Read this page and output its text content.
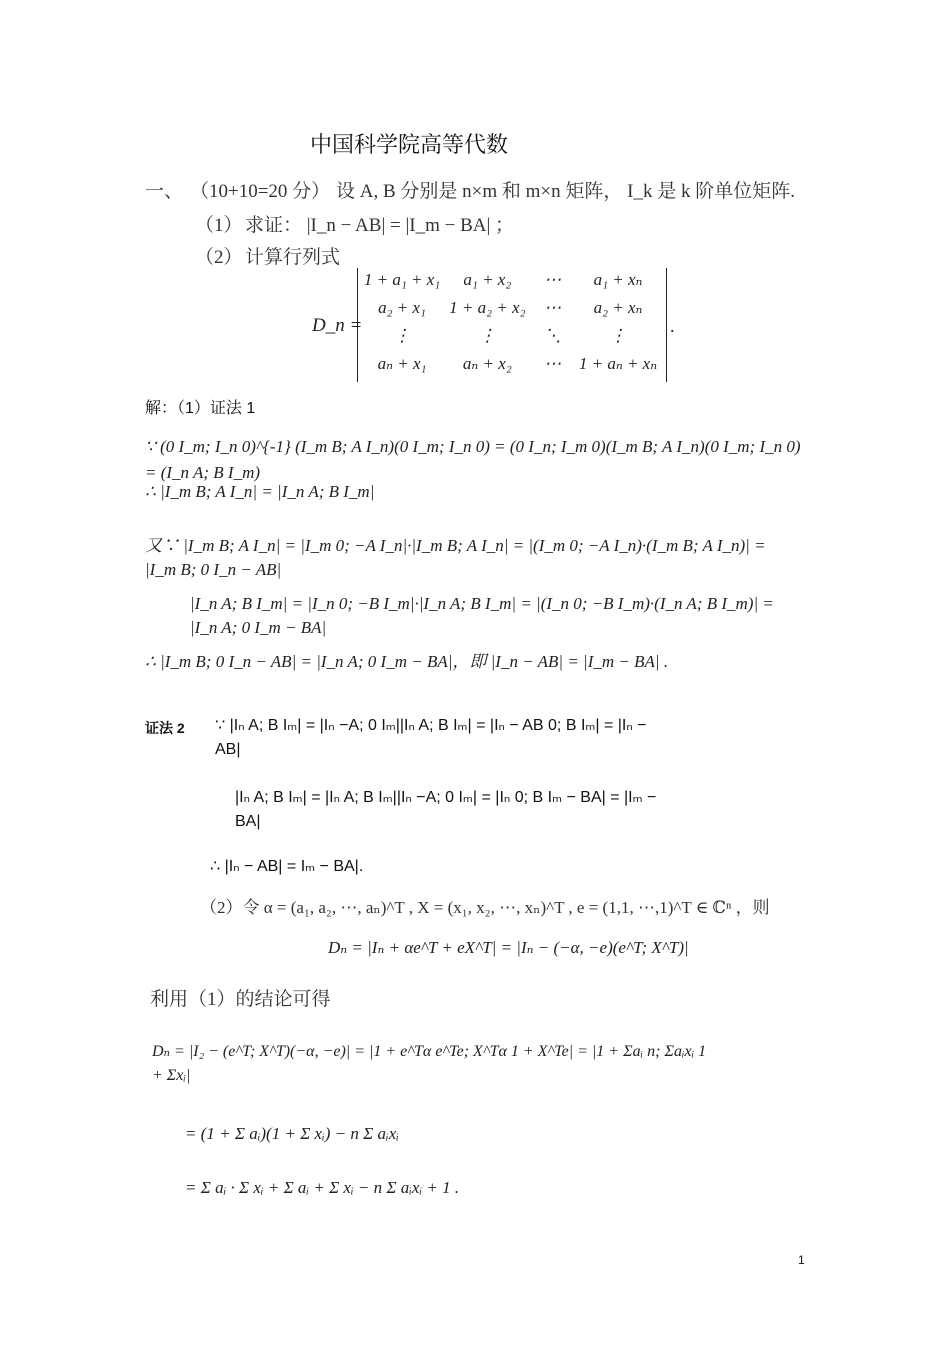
中国科学院高等代数
一、 （10+10=20 分） 设 A, B 分别是 n×m 和 m×n 矩阵， I_k 是 k 阶单位矩阵.
（1） 求证： |I_n − AB| = |I_m − BA| ；
（2） 计算行列式
D_n =
1 + a₁ + x₁	a₁ + x₂	⋯	a₁ + xₙ
a₂ + x₁	1 + a₂ + x₂	⋯	a₂ + xₙ
⋮	⋮	⋱	⋮
aₙ + x₁	aₙ + x₂	⋯	1 + aₙ + xₙ
.
解：（1）证法 1
∵ (0 I_m; I_n 0)^{-1} (I_m B; A I_n)(0 I_m; I_n 0) = (0 I_n; I_m 0)(I_m B; A I_n)(0 I_m; I_n 0) = (I_n A; B I_m)
∴ |I_m B; A I_n| = |I_n A; B I_m|
又∵ |I_m B; A I_n| = |I_m 0; −A I_n|·|I_m B; A I_n| = |(I_m 0; −A I_n)·(I_m B; A I_n)| = |I_m B; 0 I_n − AB|
|I_n A; B I_m| = |I_n 0; −B I_m|·|I_n A; B I_m| = |(I_n 0; −B I_m)·(I_n A; B I_m)| = |I_n A; 0 I_m − BA|
∴ |I_m B; 0 I_n − AB| = |I_n A; 0 I_m − BA|，即 |I_n − AB| = |I_m − BA| .
证法 2 ∵ |Iₙ A; B Iₘ| = |Iₙ −A; 0 Iₘ||Iₙ A; B Iₘ| = |Iₙ − AB 0; B Iₘ| = |Iₙ − AB|
|Iₙ A; B Iₘ| = |Iₙ A; B Iₘ||Iₙ −A; 0 Iₘ| = |Iₙ 0; B Iₘ − BA| = |Iₘ − BA|
∴ |Iₙ − AB| = Iₘ − BA|.
（2）令 α = (a₁, a₂, ⋯, aₙ)^T , X = (x₁, x₂, ⋯, xₙ)^T , e = (1,1, ⋯,1)^T ∈ ℂⁿ ，则
Dₙ = |Iₙ + αe^T + eX^T| = |Iₙ − (−α, −e)(e^T; X^T)|
利用（1）的结论可得
Dₙ = |I₂ − (e^T; X^T)(−α, −e)| = |1 + e^Tα e^Te; X^Tα 1 + X^Te| = |1 + Σaᵢ n; Σaᵢxᵢ 1 + Σxᵢ|
= (1 + Σ aᵢ)(1 + Σ xᵢ) − n Σ aᵢxᵢ
= Σ aᵢ · Σ xᵢ + Σ aᵢ + Σ xᵢ − n Σ aᵢxᵢ + 1 .
1
